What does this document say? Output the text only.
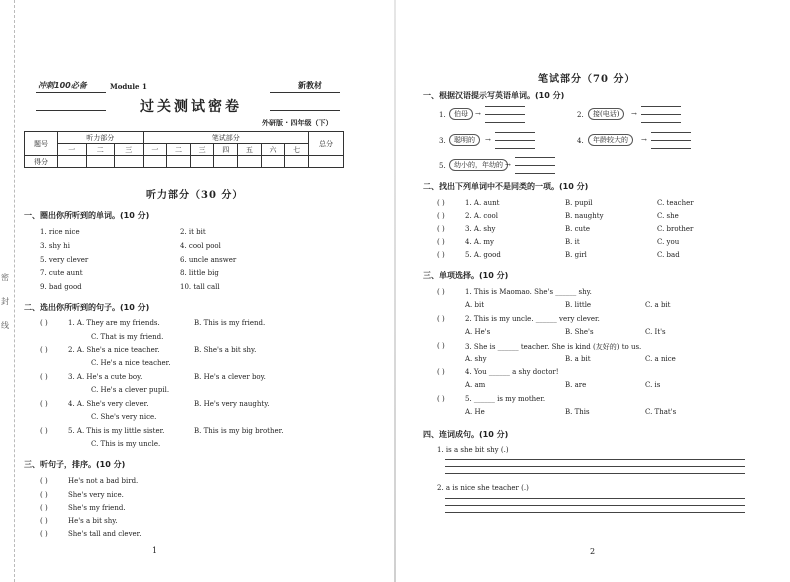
密
封
线
冲刺100必备	Module 1	新教材
过关测试密卷
外研版 · 四年级（下）
题号	听力部分			笔试部分							总分
	一	二	三	一	二	三	四	五	六	七	
得分											
听力部分（30 分）
一、圈出你所听到的单词。(10 分)
1. rice nice	2. it bit
3. shy hi	4. cool pool
5. very clever	6. uncle answer
7. cute aunt	8. little big
9. bad good	10. tall call
二、选出你所听到的句子。(10 分)
( )	1. A. They are my friends.	B. This is my friend.
C. That is my friend.
( )	2. A. She's a nice teacher.	B. She's a bit shy.
C. He's a nice teacher.
( )	3. A. He's a cute boy.	B. He's a clever boy.
C. He's a clever pupil.
( )	4. A. She's very clever.	B. He's very naughty.
C. She's very nice.
( )	5. A. This is my little sister.	B. This is my big brother.
C. This is my uncle.
三、听句子，排序。(10 分)
( )	He's not a bad bird.
( )	She's very nice.
( )	She's my friend.
( )	He's a bit shy.
( )	She's tall and clever.
1
笔试部分（70 分）
一、根据汉语提示写英语单词。(10 分)
1.	伯母	→	2.	接(电话)	→
3.	聪明的	→	4.	年龄较大的	→
5.	幼小的，年幼的 →
二、找出下列单词中不是同类的一项。(10 分)
( )	1. A. aunt	B. pupil	C. teacher
( )	2. A. cool	B. naughty	C. she
( )	3. A. shy	B. cute	C. brother
( )	4. A. my	B. it	C. you
( )	5. A. good	B. girl	C. bad
三、单项选择。(10 分)
( )	1. This is Maomao. She's ______ shy.
A. bit	B. little	C. a bit
( )	2. This is my uncle. ______ very clever.
A. He's	B. She's	C. It's
( )	3. She is ______ teacher. She is kind (友好的) to us.
A. shy	B. a bit	C. a nice
( )	4. You ______ a shy doctor!
A. am	B. are	C. is
( )	5. ______ is my mother.
A. He	B. This	C. That's
四、连词成句。(10 分)
1. is a she bit shy (.)
2. a is nice she teacher (.)
2
